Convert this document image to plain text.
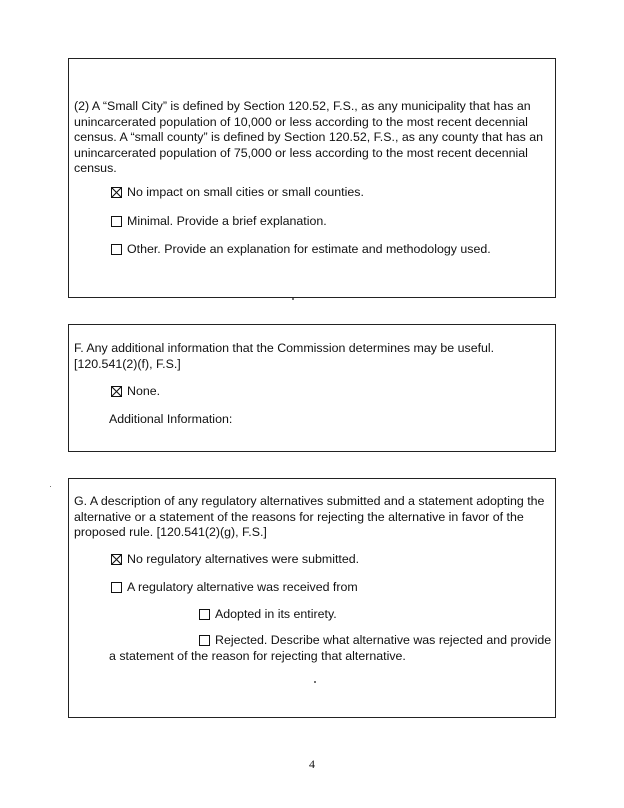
(2) A “Small City” is defined by Section 120.52, F.S., as any municipality that has an unincarcerated population of 10,000 or less according to the most recent decennial census. A “small county” is defined by Section 120.52, F.S., as any county that has an unincarcerated population of 75,000 or less according to the most recent decennial census.

No impact on small cities or small counties.
Minimal. Provide a brief explanation.
Other. Provide an explanation for estimate and methodology used.

F. Any additional information that the Commission determines may be useful. [120.541(2)(f), F.S.]

None.
Additional Information:

G. A description of any regulatory alternatives submitted and a statement adopting the alternative or a statement of the reasons for rejecting the alternative in favor of the proposed rule. [120.541(2)(g), F.S.]

No regulatory alternatives were submitted.
A regulatory alternative was received from
Adopted in its entirety.
Rejected. Describe what alternative was rejected and provide
a statement of the reason for rejecting that alternative.
4
